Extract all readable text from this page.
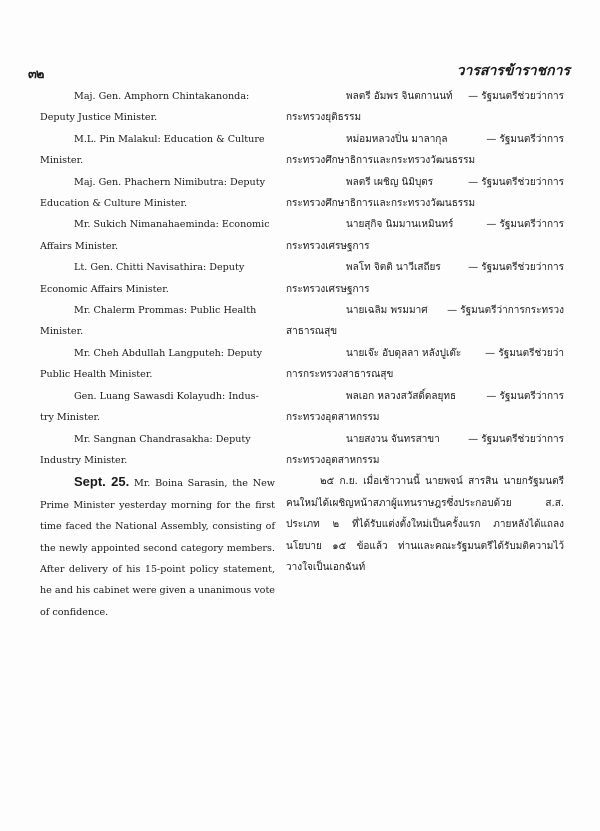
๓๒	วารสารข้าราชการ
Maj. Gen. Amphorn Chintakanonda:
Deputy Justice Minister.
M.L. Pin Malakul: Education & Culture
Minister.
Maj. Gen. Phachern Nimibutra: Deputy
Education & Culture Minister.
Mr. Sukich Nimanahaeminda: Economic
Affairs Minister.
Lt. Gen. Chitti Navisathira: Deputy
Economic Affairs Minister.
Mr. Chalerm Prommas: Public Health
Minister.
Mr. Cheh Abdullah Langputeh: Deputy
Public Health Minister.
Gen. Luang Sawasdi Kolayudh: Indus-
try Minister.
Mr. Sangnan Chandrasakha: Deputy
Industry Minister.
Sept. 25. Mr. Boina Sarasin, the New Prime Minister yesterday morning for the first time faced the National Assembly, consisting of the newly appointed second category members. After delivery of his 15-point policy statement, he and his cabinet were given a unanimous vote of confidence.
พลตรี อัมพร จินตกานนท์	— รัฐมนตรีช่วยว่าการ
กระทรวงยุติธรรม
หม่อมหลวงปิ่น มาลากุล	— รัฐมนตรีว่าการ
กระทรวงศึกษาธิการและกระทรวงวัฒนธรรม
พลตรี เผชิญ นิมิบุตร	— รัฐมนตรีช่วยว่าการ
กระทรวงศึกษาธิการและกระทรวงวัฒนธรรม
นายสุกิจ นิมมานเหมินทร์	— รัฐมนตรีว่าการ
กระทรวงเศรษฐการ
พลโท จิตติ นาวีเสถียร	— รัฐมนตรีช่วยว่าการ
กระทรวงเศรษฐการ
นายเฉลิม พรมมาศ	— รัฐมนตรีว่าการกระทรวง
สาธารณสุข
นายเจ๊ะ อับดุลลา หลังปูเต๊ะ	— รัฐมนตรีช่วยว่า
การกระทรวงสาธารณสุข
พลเอก หลวงสวัสดิ์ดลยุทธ	— รัฐมนตรีว่าการ
กระทรวงอุตสาหกรรม
นายสงวน จันทรสาขา	— รัฐมนตรีช่วยว่าการ
กระทรวงอุตสาหกรรม
๒๕ ก.ย. เมื่อเช้าวานนี้ นายพจน์ สารสิน นายกรัฐมนตรีคนใหม่ได้เผชิญหน้าสภาผู้แทนราษฎรซึ่งประกอบด้วย ส.ส. ประเภท ๒ ที่ได้รับแต่งตั้งใหม่เป็นครั้งแรก ภายหลังได้แถลงนโยบาย ๑๕ ข้อแล้ว ท่านและคณะรัฐมนตรีได้รับมติความไว้วางใจเป็นเอกฉันท์
